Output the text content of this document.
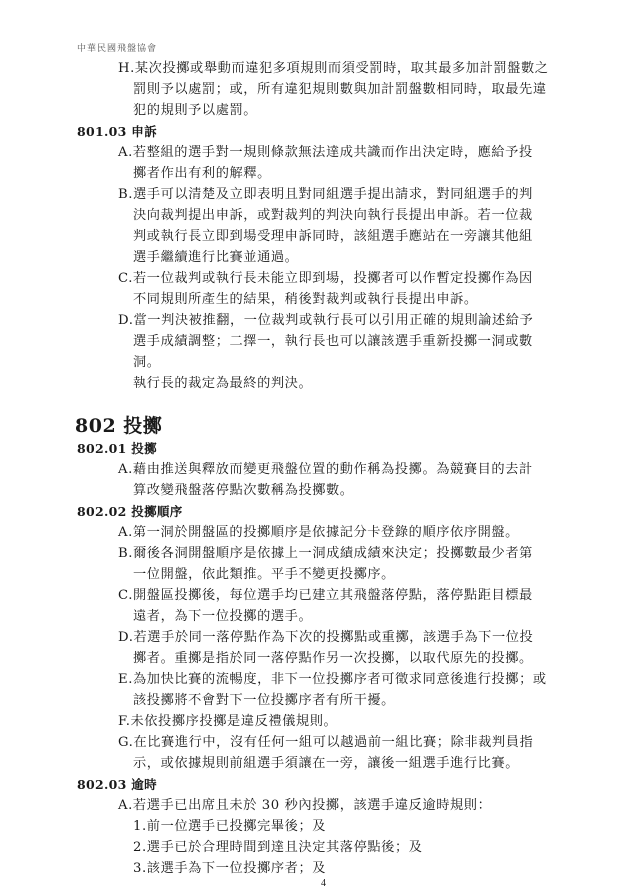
中華民國飛盤協會
H.某次投擲或舉動而違犯多項規則而須受罰時，取其最多加計罰盤數之
罰則予以處罰；或，所有違犯規則數與加計罰盤數相同時，取最先違
犯的規則予以處罰。
801.03 申訴
A.若整組的選手對一規則條款無法達成共識而作出決定時，應給予投
擲者作出有利的解釋。
B.選手可以清楚及立即表明且對同組選手提出請求，對同組選手的判
決向裁判提出申訴，或對裁判的判決向執行長提出申訴。若一位裁
判或執行長立即到場受理申訴同時，該組選手應站在一旁讓其他組
選手繼續進行比賽並通過。
C.若一位裁判或執行長未能立即到場，投擲者可以作暫定投擲作為因
不同規則所產生的結果，稍後對裁判或執行長提出申訴。
D.當一判決被推翻，一位裁判或執行長可以引用正確的規則論述給予
選手成績調整；二擇一，執行長也可以讓該選手重新投擲一洞或數
洞。
執行長的裁定為最終的判決。
802 投擲
802.01 投擲
A.藉由推送與釋放而變更飛盤位置的動作稱為投擲。為競賽目的去計
算改變飛盤落停點次數稱為投擲數。
802.02 投擲順序
A.第一洞於開盤區的投擲順序是依據記分卡登錄的順序依序開盤。
B.爾後各洞開盤順序是依據上一洞成績成績來決定；投擲數最少者第
一位開盤，依此類推。平手不變更投擲序。
C.開盤區投擲後，每位選手均已建立其飛盤落停點，落停點距目標最
遠者，為下一位投擲的選手。
D.若選手於同一落停點作為下次的投擲點或重擲，該選手為下一位投
擲者。重擲是指於同一落停點作另一次投擲，以取代原先的投擲。
E.為加快比賽的流暢度，非下一位投擲序者可徵求同意後進行投擲；或
該投擲將不會對下一位投擲序者有所干擾。
F.未依投擲序投擲是違反禮儀規則。
G.在比賽進行中，沒有任何一組可以越過前一組比賽；除非裁判員指
示，或依據規則前組選手須讓在一旁，讓後一組選手進行比賽。
802.03 逾時
A.若選手已出席且未於 30 秒內投擲，該選手違反逾時規則：
1.前一位選手已投擲完畢後；及
2.選手已於合理時間到達且決定其落停點後；及
3.該選手為下一位投擲序者；及
4
